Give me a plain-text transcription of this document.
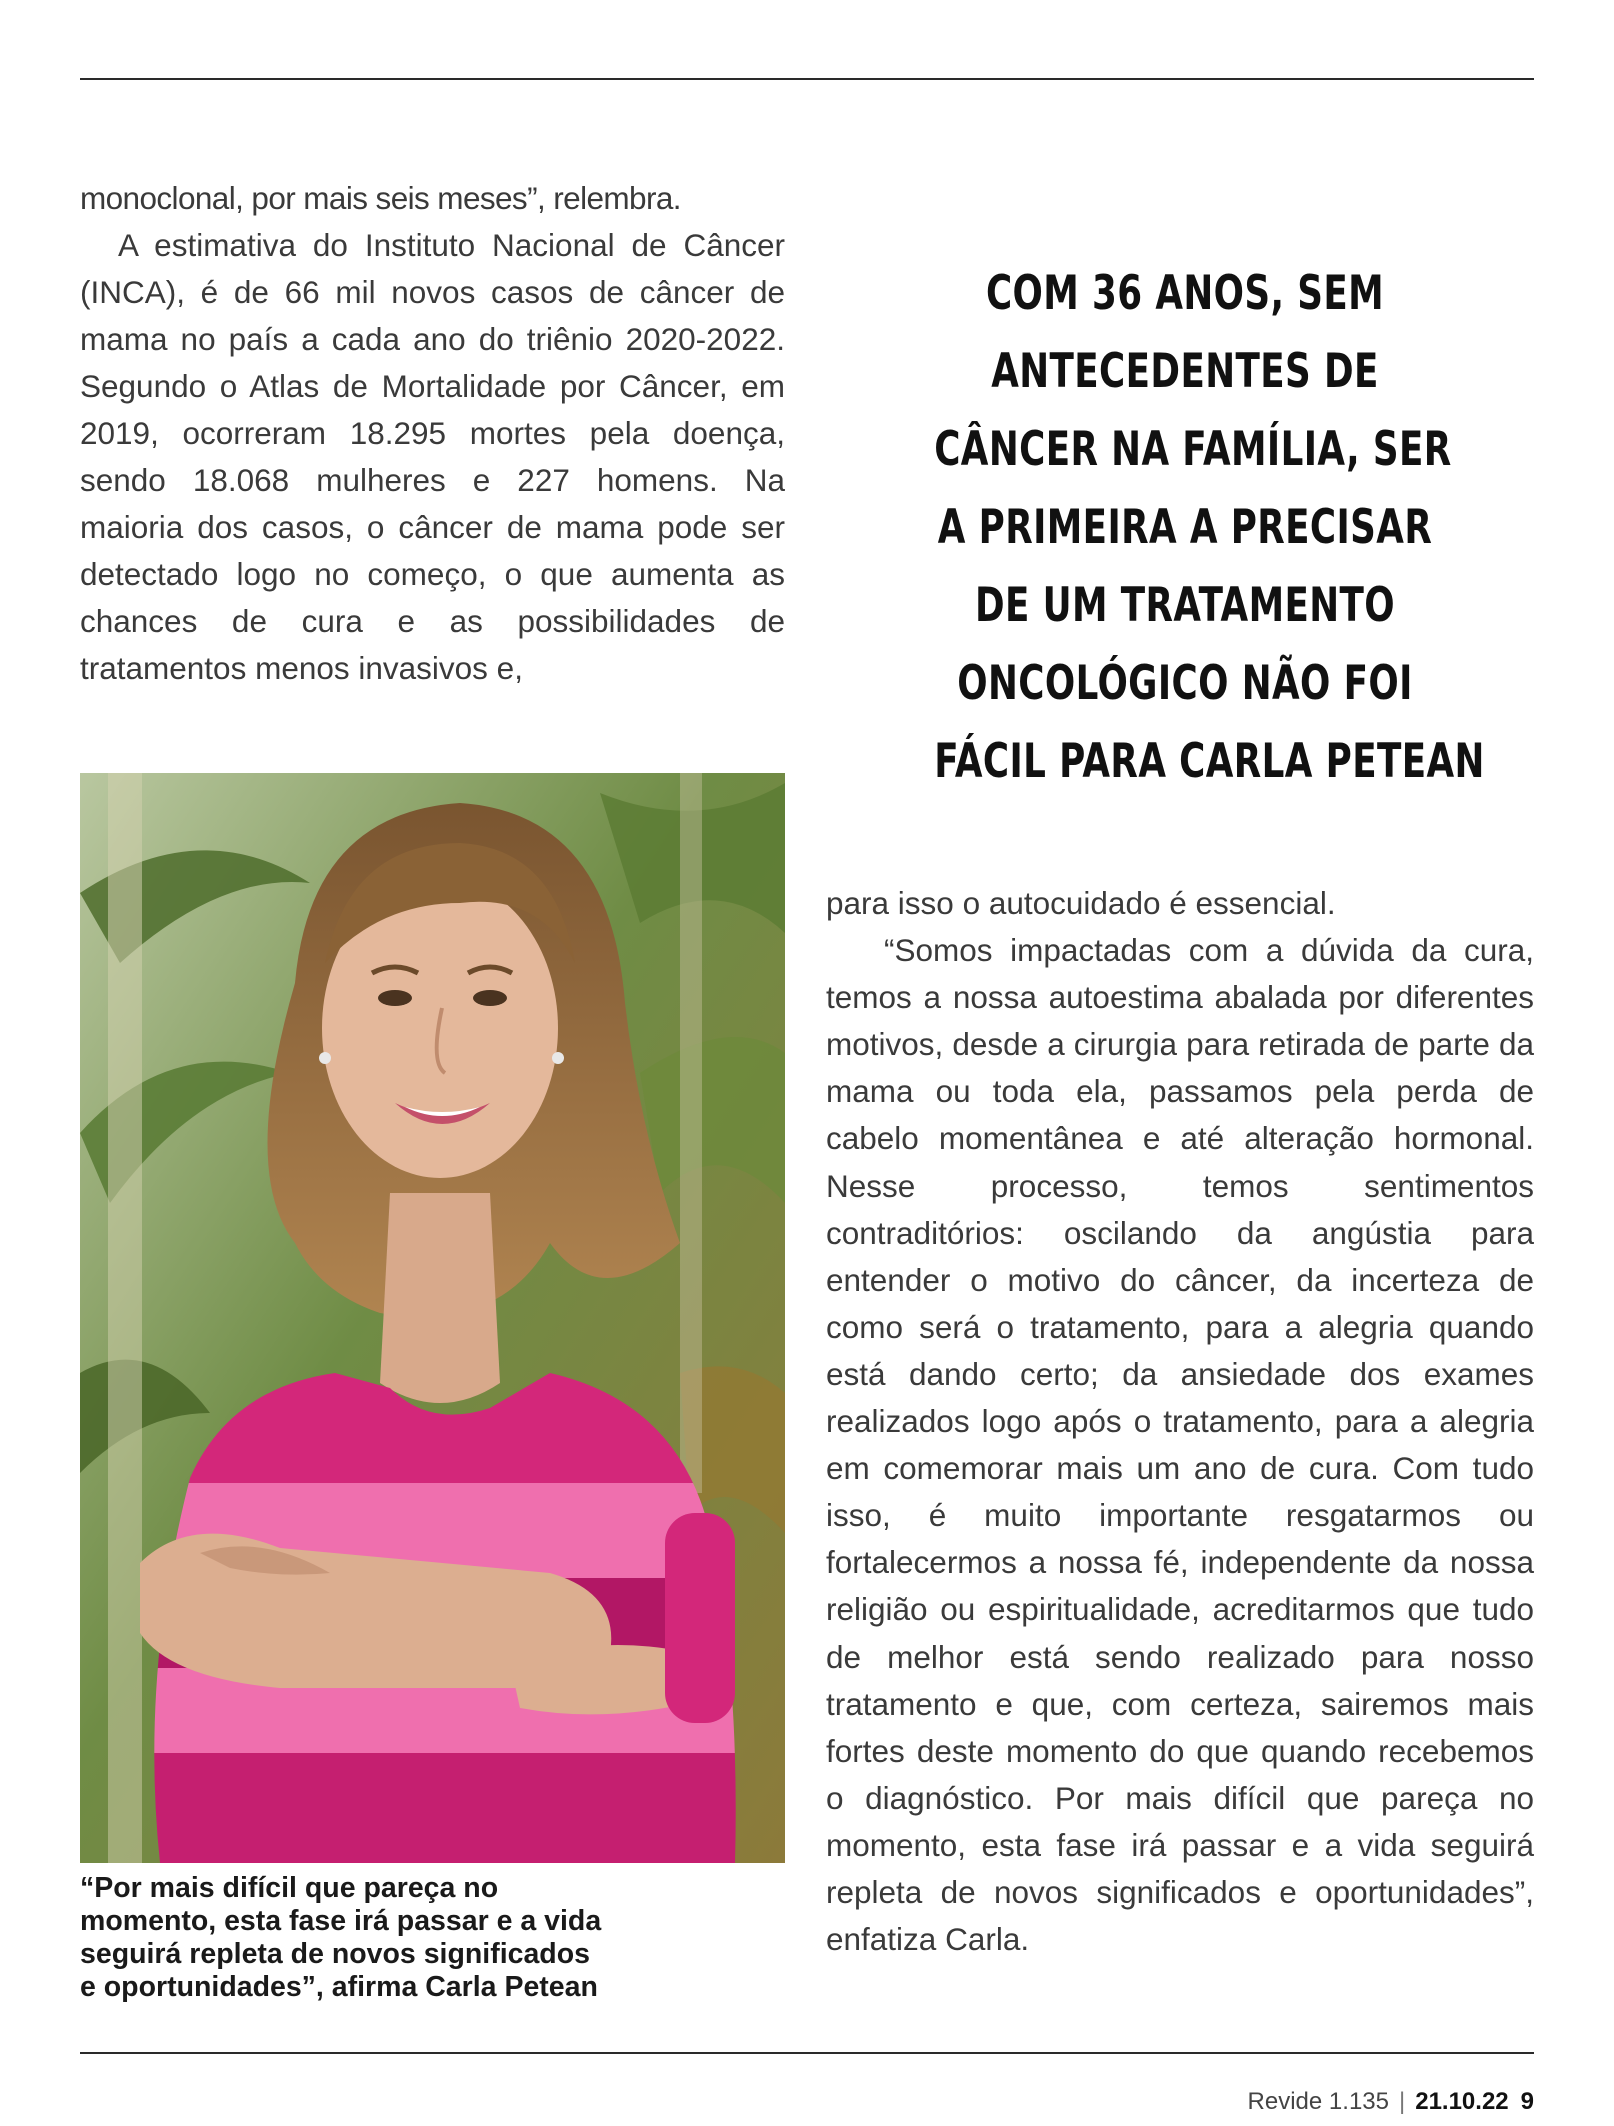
monoclonal, por mais seis meses”, relembra.

A estimativa do Instituto Nacional de Câncer (INCA), é de 66 mil novos casos de câncer de mama no país a cada ano do triênio 2020-2022. Segundo o Atlas de Mortalidade por Câncer, em 2019, ocorreram 18.295 mortes pela doença, sendo 18.068 mulheres e 227 homens. Na maioria dos casos, o câncer de mama pode ser detectado logo no começo, o que aumenta as chances de cura e as possibilidades de tratamentos menos invasivos e,

COM 36 ANOS, SEM
ANTECEDENTES DE
CÂNCER NA FAMÍLIA, SER
A PRIMEIRA A PRECISAR
DE UM TRATAMENTO
ONCOLÓGICO NÃO FOI
FÁCIL PARA CARLA PETEAN
“Por mais difícil que pareça no
momento, esta fase irá passar e a vida
seguirá repleta de novos significados
e oportunidades”, afirma Carla Petean

para isso o autocuidado é essencial.

“Somos impactadas com a dúvida da cura, temos a nossa autoestima abalada por diferentes motivos, desde a cirurgia para retirada de parte da mama ou toda ela, passamos pela perda de cabelo momentânea e até alteração hormonal. Nesse processo, temos sentimentos contraditórios: oscilando da angústia para entender o motivo do câncer, da incerteza de como será o tratamento, para a alegria quando está dando certo; da ansiedade dos exames realizados logo após o tratamento, para a alegria em comemorar mais um ano de cura. Com tudo isso, é muito importante resgatarmos ou fortalecermos a nossa fé, independente da nossa religião ou espiritualidade, acreditarmos que tudo de melhor está sendo realizado para nosso tratamento e que, com certeza, sairemos mais fortes deste momento do que quando recebemos o diagnóstico. Por mais difícil que pareça no momento, esta fase irá passar e a vida seguirá repleta de novos significados e oportunidades”, enfatiza Carla.

Revide 1.135 | 21.10.22 9
